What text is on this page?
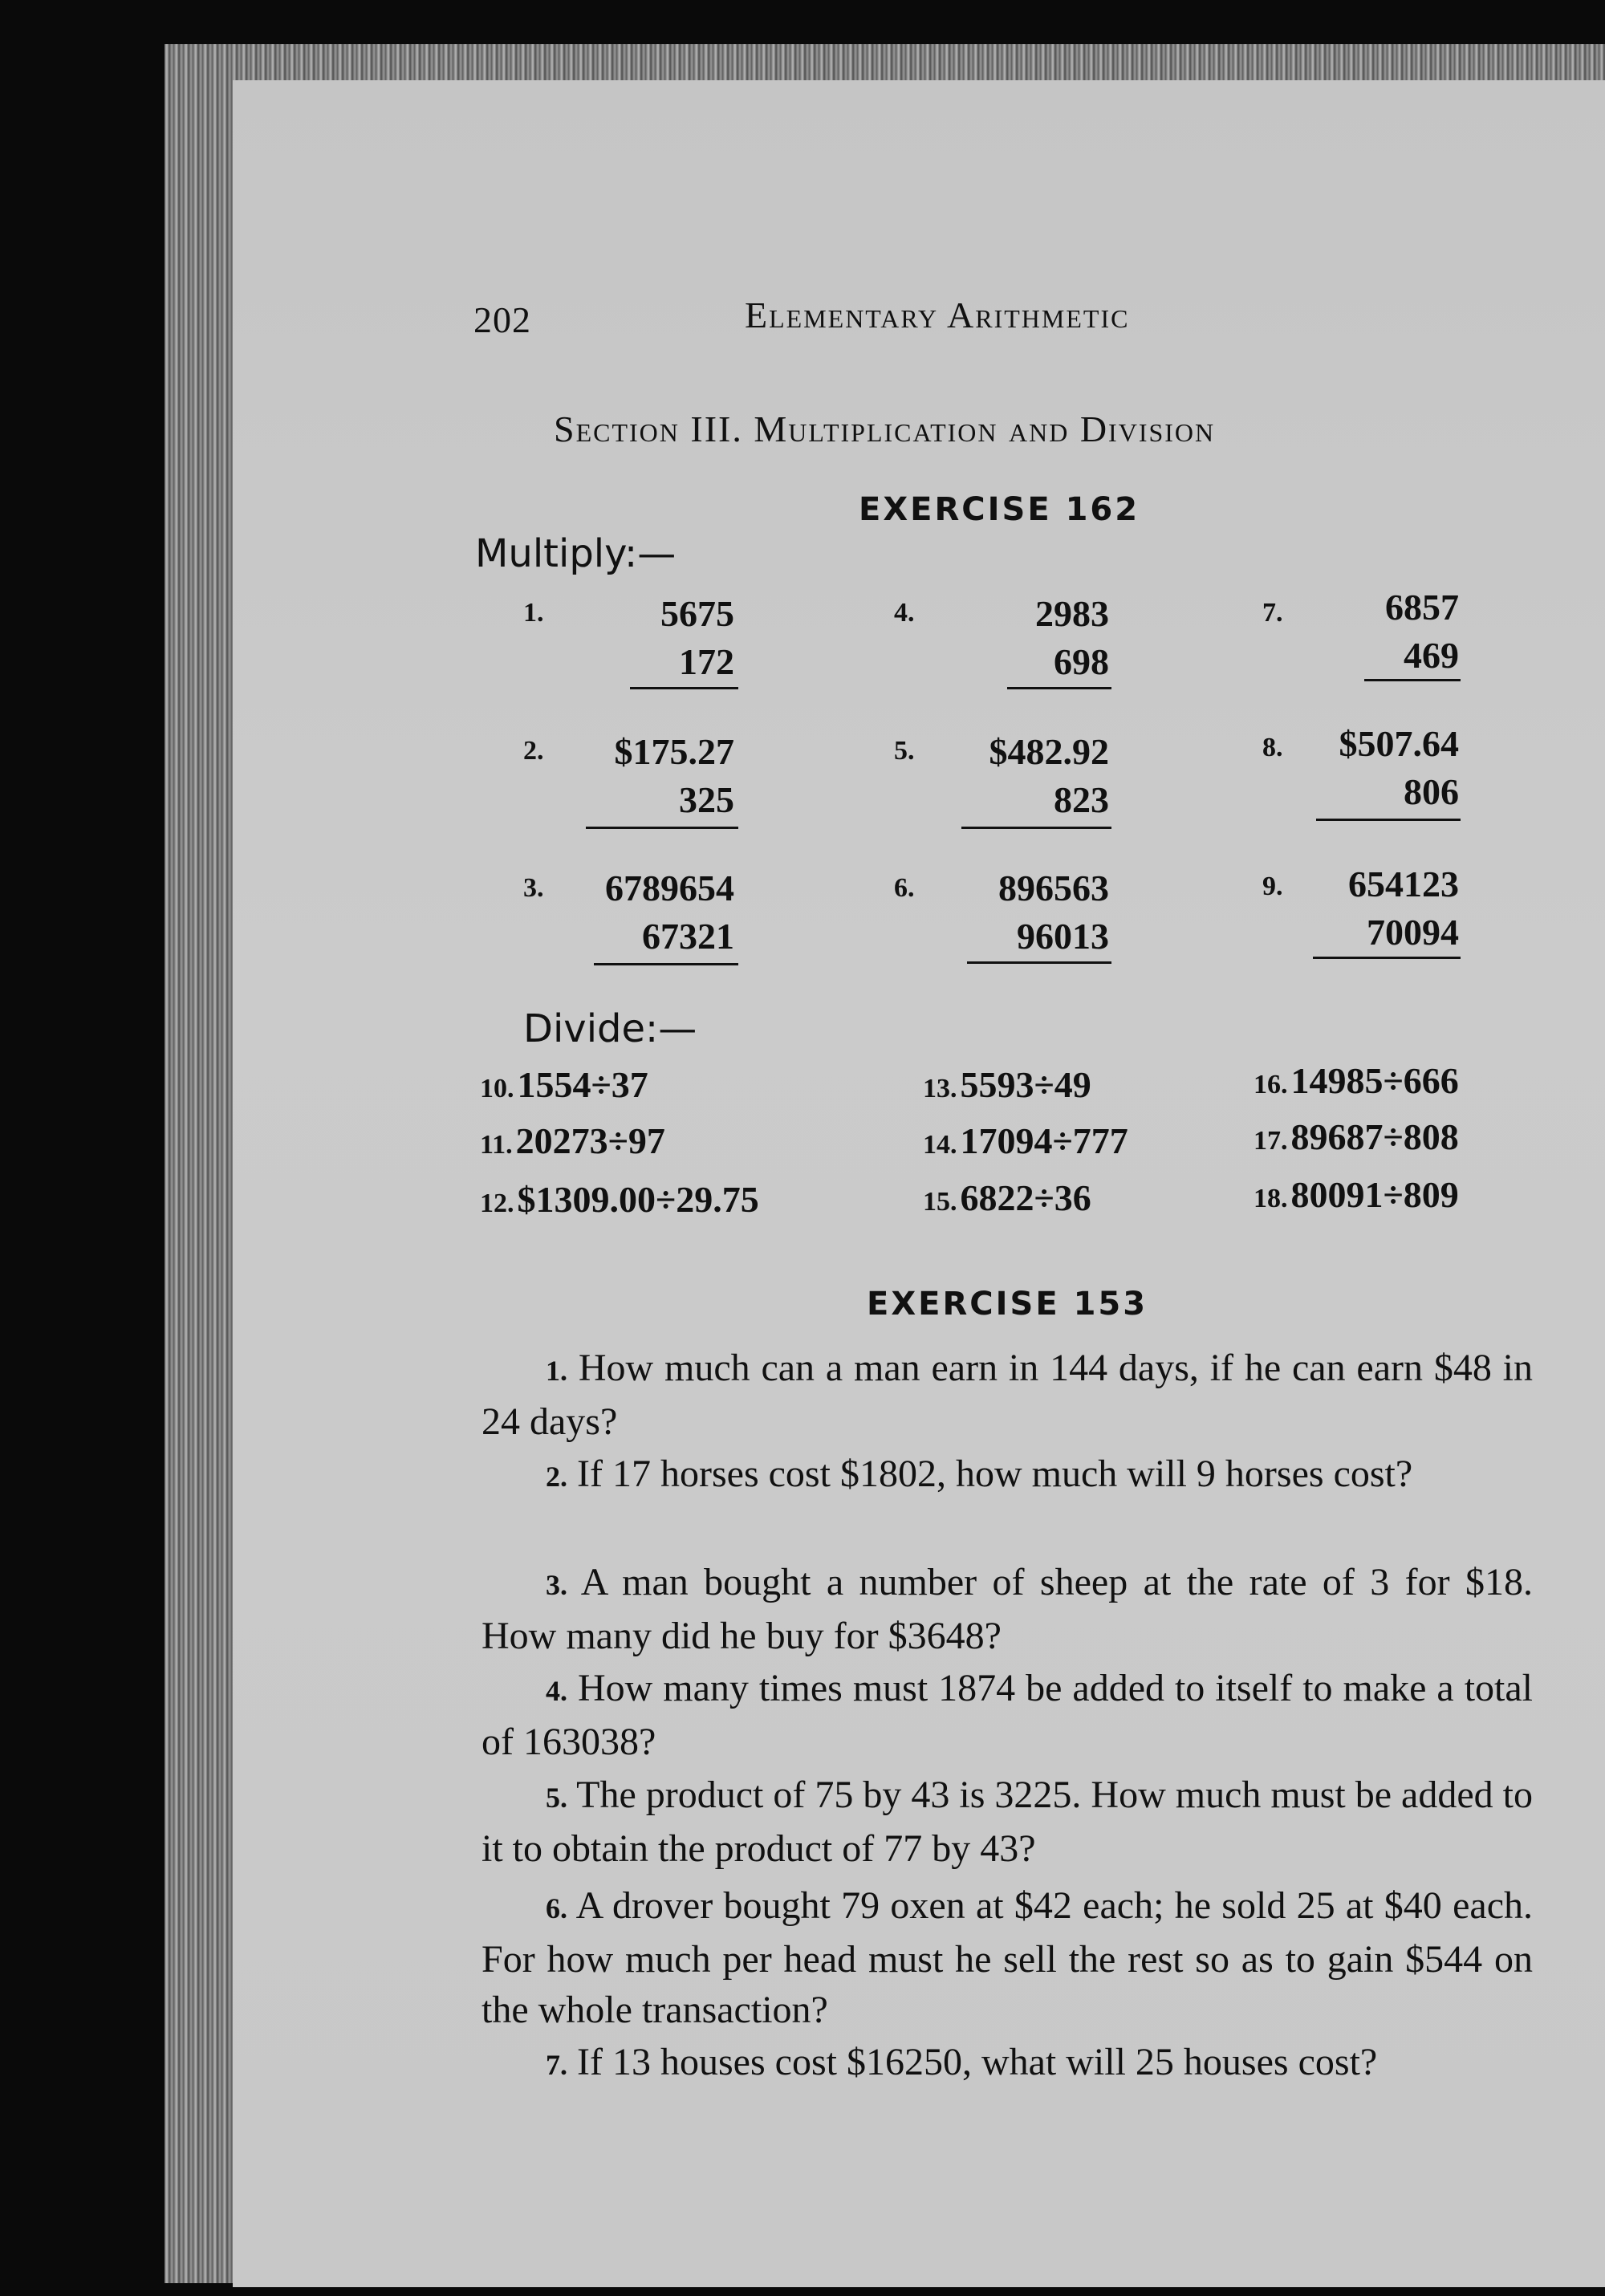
202	Elementary Arithmetic
Section III. Multiplication and Division
EXERCISE 162
Multiply:—
1.	5675
172
2. $175.27
325
3. 6789654
67321
4.	2983
698
5. $482.92
823
6. 896563
96013
7.	6857
469
8. $507.64
806
9. 654123
70094
Divide:—
10. 1554÷37
11. 20273÷97
12. $1309.00÷29.75
13. 5593÷49
14. 17094÷777
15. 6822÷36
16. 14985÷666
17. 89687÷808
18. 80091÷809
EXERCISE 153
1. How much can a man earn in 144 days, if he can earn $48 in 24 days?
2. If 17 horses cost $1802, how much will 9 horses cost?
3. A man bought a number of sheep at the rate of 3 for $18. How many did he buy for $3648?
4. How many times must 1874 be added to itself to make a total of 163038?
5. The product of 75 by 43 is 3225. How much must be added to it to obtain the product of 77 by 43?
6. A drover bought 79 oxen at $42 each; he sold 25 at $40 each. For how much per head must he sell the rest so as to gain $544 on the whole transaction?
7. If 13 houses cost $16250, what will 25 houses cost?
